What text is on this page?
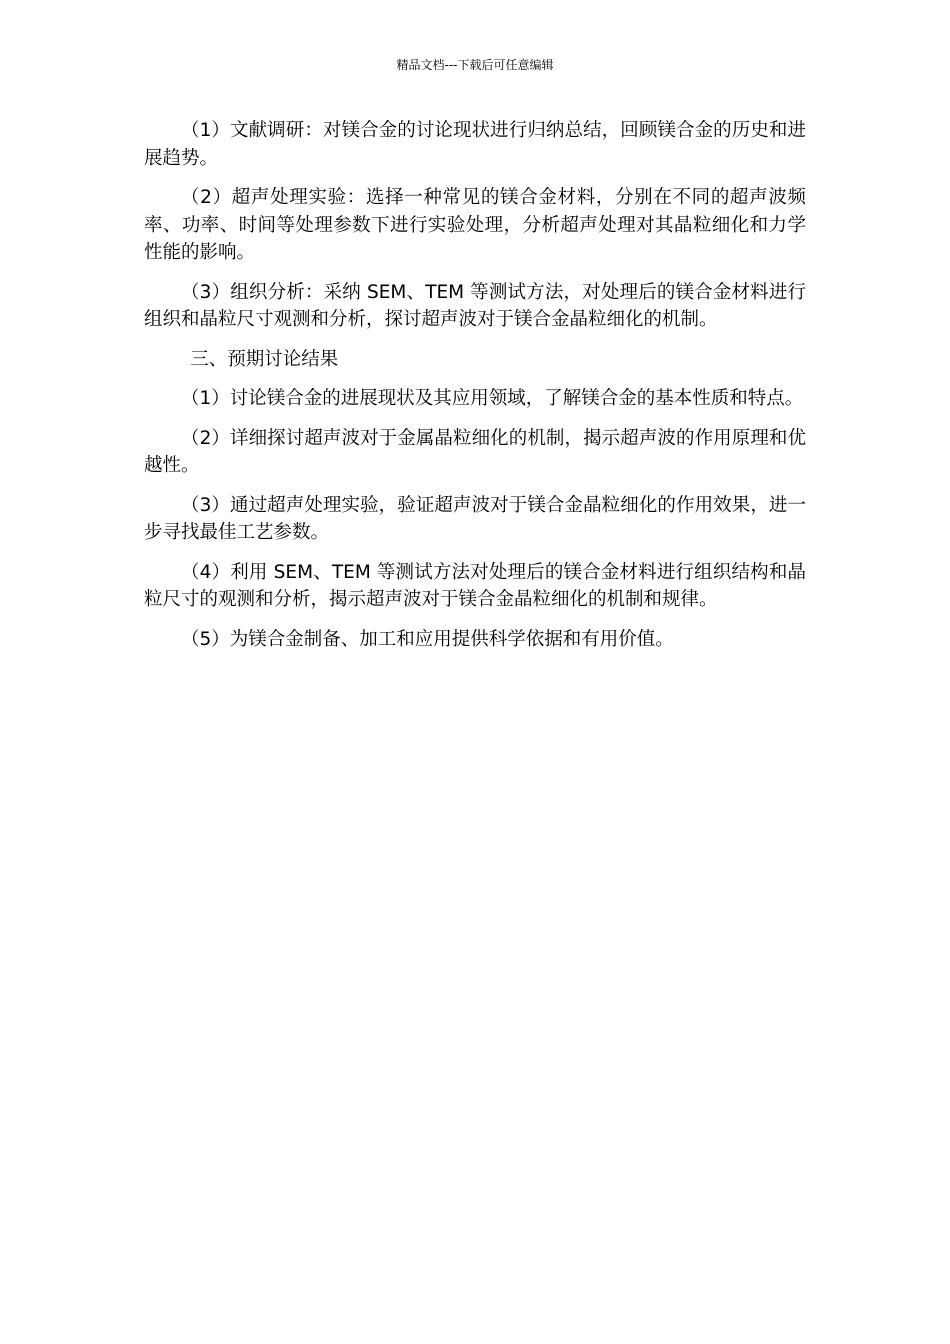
精品文档---下载后可任意编辑

（1）文献调研：对镁合金的讨论现状进行归纳总结，回顾镁合金的历史和进展趋势。

（2）超声处理实验：选择一种常见的镁合金材料，分别在不同的超声波频率、功率、时间等处理参数下进行实验处理，分析超声处理对其晶粒细化和力学性能的影响。

（3）组织分析：采纳 SEM、TEM 等测试方法，对处理后的镁合金材料进行组织和晶粒尺寸观测和分析，探讨超声波对于镁合金晶粒细化的机制。

三、预期讨论结果

（1）讨论镁合金的进展现状及其应用领域，了解镁合金的基本性质和特点。

（2）详细探讨超声波对于金属晶粒细化的机制，揭示超声波的作用原理和优越性。

（3）通过超声处理实验，验证超声波对于镁合金晶粒细化的作用效果，进一步寻找最佳工艺参数。

（4）利用 SEM、TEM 等测试方法对处理后的镁合金材料进行组织结构和晶粒尺寸的观测和分析，揭示超声波对于镁合金晶粒细化的机制和规律。

（5）为镁合金制备、加工和应用提供科学依据和有用价值。
